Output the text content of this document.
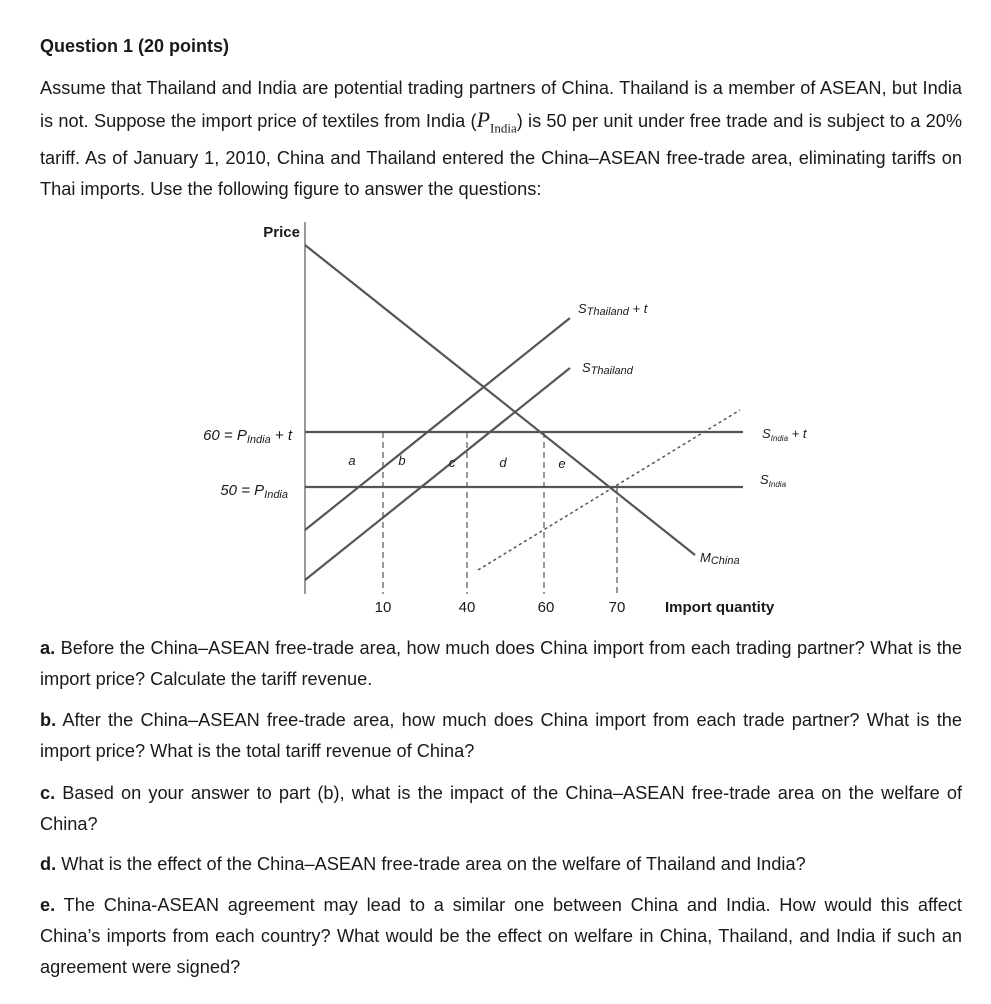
Question 1 (20 points)
Assume that Thailand and India are potential trading partners of China. Thailand is a member of ASEAN, but India is not. Suppose the import price of textiles from India $(P_{India})$ is 50 per unit under free trade and is subject to a 20% tariff. As of January 1, 2010, China and Thailand entered the China–ASEAN free-trade area, eliminating tariffs on Thai imports. Use the following figure to answer the questions:
Price
Import quantity
$60 = P_{India} + t$
$50 = P_{India}$
10	40	60	70
a	b	c	d	e
SThailand + t
SThailand
$S_{India} + t$
$S_{India}$
MChina
a. Before the China–ASEAN free-trade area, how much does China import from each trading partner? What is the import price? Calculate the tariff revenue.
b. After the China–ASEAN free-trade area, how much does China import from each trade partner? What is the import price? What is the total tariff revenue of China?
c. Based on your answer to part (b), what is the impact of the China–ASEAN free-trade area on the welfare of China?
d. What is the effect of the China–ASEAN free-trade area on the welfare of Thailand and India?
e. The China-ASEAN agreement may lead to a similar one between China and India. How would this affect China’s imports from each country? What would be the effect on welfare in China, Thailand, and India if such an agreement were signed?
